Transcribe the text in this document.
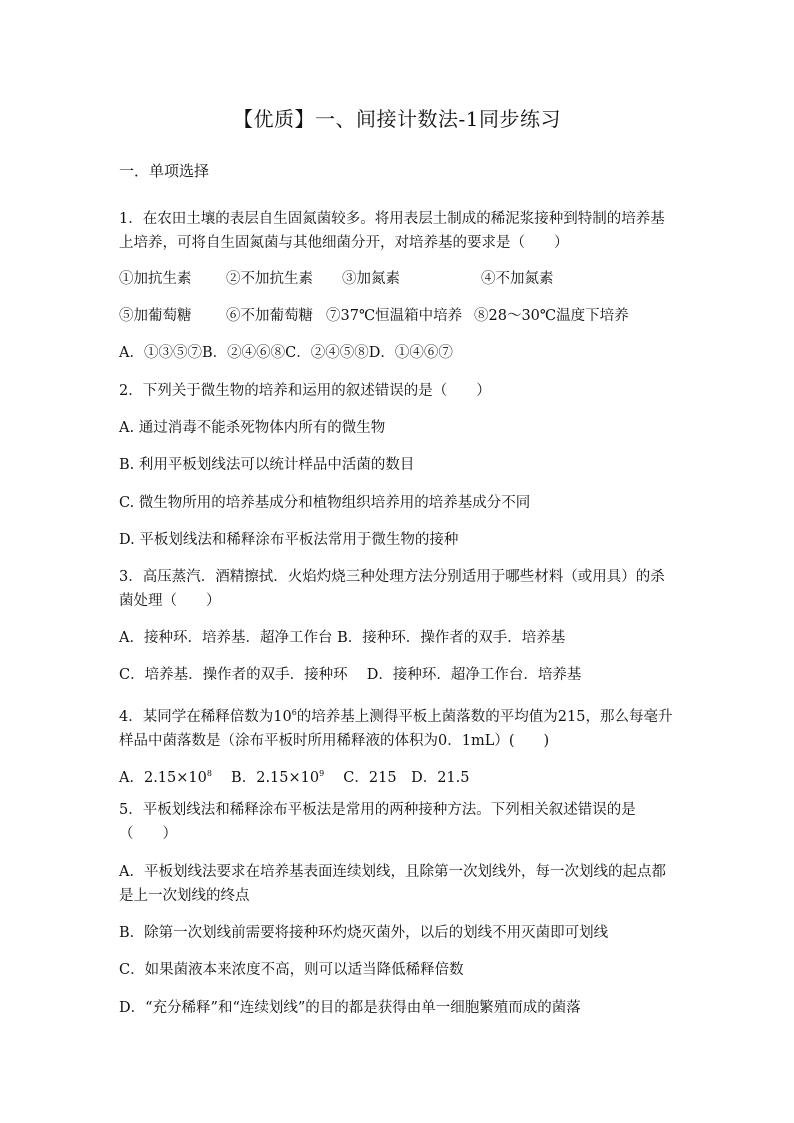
【优质】一、间接计数法-1同步练习
一．单项选择
1．在农田土壤的表层自生固氮菌较多。将用表层土制成的稀泥浆接种到特制的培养基
上培养，可将自生固氮菌与其他细菌分开，对培养基的要求是（　　）
①加抗生素 ②不加抗生素 ③加氮素	④不加氮素
⑤加葡萄糖 ⑥不加葡萄糖 ⑦37℃恒温箱中培养 ⑧28～30℃温度下培养
A．①③⑤⑦B．②④⑥⑧C．②④⑤⑧D．①④⑥⑦
2．下列关于微生物的培养和运用的叙述错误的是（　　）
A. 通过消毒不能杀死物体内所有的微生物
B. 利用平板划线法可以统计样品中活菌的数目
C. 微生物所用的培养基成分和植物组织培养用的培养基成分不同
D. 平板划线法和稀释涂布平板法常用于微生物的接种
3．高压蒸汽．酒精擦拭．火焰灼烧三种处理方法分别适用于哪些材料（或用具）的杀
菌处理（　　）
A．接种环．培养基．超净工作台 B．接种环．操作者的双手．培养基
C．培养基．操作者的双手．接种环　 D．接种环．超净工作台．培养基
4．某同学在稀释倍数为$10^6$的培养基上测得平板上菌落数的平均值为215，那么每毫升
样品中菌落数是（涂布平板时所用稀释液的体积为0．1mL）(　　)
A．$2.15\times 10^8$　 B．$2.15\times 10^9$　 C．215　D．21.5
5．平板划线法和稀释涂布平板法是常用的两种接种方法。下列相关叙述错误的是
（　　）
A．平板划线法要求在培养基表面连续划线，且除第一次划线外，每一次划线的起点都
是上一次划线的终点
B．除第一次划线前需要将接种环灼烧灭菌外，以后的划线不用灭菌即可划线
C．如果菌液本来浓度不高，则可以适当降低稀释倍数
D．“充分稀释”和“连续划线”的目的都是获得由单一细胞繁殖而成的菌落
